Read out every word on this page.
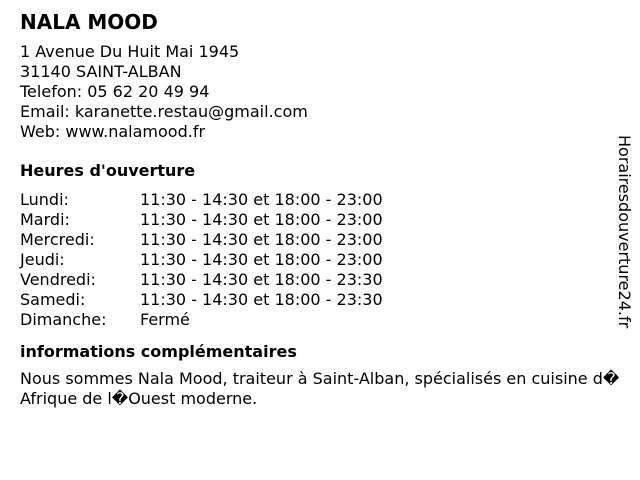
NALA MOOD
1 Avenue Du Huit Mai 1945
31140 SAINT-ALBAN
Telefon: 05 62 20 49 94
Email: karanette.restau@gmail.com
Web: www.nalamood.fr
Heures d'ouverture
Lundi:	11:30 - 14:30 et 18:00 - 23:00
Mardi:	11:30 - 14:30 et 18:00 - 23:00
Mercredi:	11:30 - 14:30 et 18:00 - 23:00
Jeudi:	11:30 - 14:30 et 18:00 - 23:00
Vendredi:	11:30 - 14:30 et 18:00 - 23:30
Samedi:	11:30 - 14:30 et 18:00 - 23:30
Dimanche:	Fermé
informations complémentaires
Nous sommes Nala Mood, traiteur à Saint-Alban, spécialisés en cuisine d�Afrique de l�Ouest moderne.
Horairesdouverture24.fr
